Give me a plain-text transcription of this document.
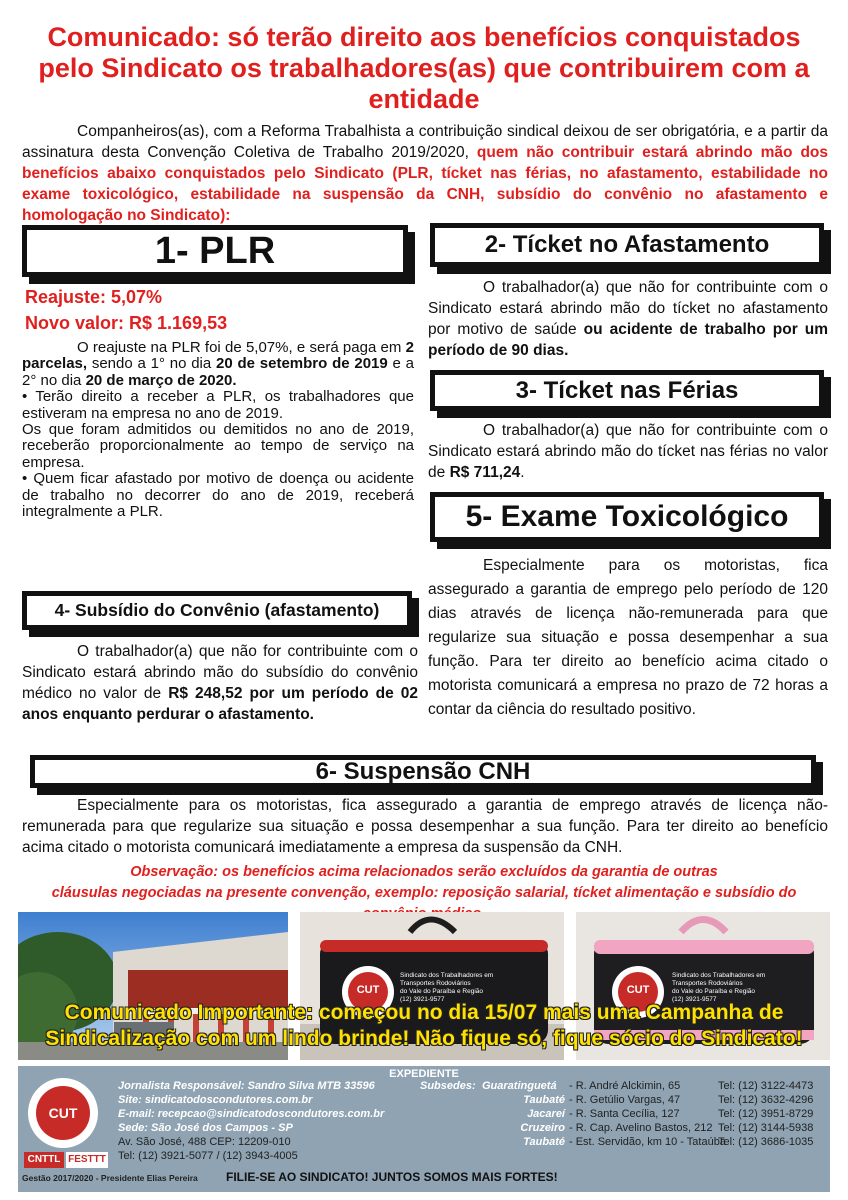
Comunicado: só terão direito aos benefícios conquistados pelo Sindicato os trabalhadores(as) que contribuirem com a entidade
Companheiros(as), com a Reforma Trabalhista a contribuição sindical deixou de ser obrigatória, e a partir da assinatura desta Convenção Coletiva de Trabalho 2019/2020, quem não contribuir estará abrindo mão dos benefícios abaixo conquistados pelo Sindicato (PLR, tícket nas férias, no afastamento, estabilidade no exame toxicológico, estabilidade na suspensão da CNH, subsídio do convênio no afastamento e homologação no Sindicato):
1- PLR
Reajuste: 5,07%
Novo valor: R$ 1.169,53

O reajuste na PLR foi de 5,07%, e será paga em 2 parcelas, sendo a 1° no dia 20 de setembro de 2019 e a 2° no dia 20 de março de 2020.

• Terão direito a receber a PLR, os trabalhadores que estiveram na empresa no ano de 2019.

Os que foram admitidos ou demitidos no ano de 2019, receberão proporcionalmente ao tempo de serviço na empresa.

• Quem ficar afastado por motivo de doença ou acidente de trabalho no decorrer do ano de 2019, receberá integralmente a PLR.

4- Subsídio do Convênio (afastamento)
O trabalhador(a) que não for contribuinte com o Sindicato estará abrindo mão do subsídio do convênio médico no valor de R$ 248,52 por um período de 02 anos enquanto perdurar o afastamento.
2- Tícket no Afastamento
O trabalhador(a) que não for contribuinte com o Sindicato estará abrindo mão do tícket no afastamento por motivo de saúde ou acidente de trabalho por um período de 90 dias.
3- Tícket nas Férias
O trabalhador(a) que não for contribuinte com o Sindicato estará abrindo mão do tícket nas férias no valor de R$ 711,24.
5- Exame Toxicológico
Especialmente para os motoristas, fica assegurado a garantia de emprego pelo período de 120 dias através de licença não-remunerada para que regularize sua situação e possa desempenhar a sua função. Para ter direito ao benefício acima citado o motorista comunicará a empresa no prazo de 72 horas a contar da ciência do resultado positivo.
6- Suspensão CNH
Especialmente para os motoristas, fica assegurado a garantia de emprego através de licença não-remunerada para que regularize sua situação e possa desempenhar a sua função. Para ter direito ao benefício acima citado o motorista comunicará imediatamente a empresa da suspensão da CNH.
Observação: os benefícios acima relacionados serão excluídos da garantia de outras
cláusulas negociadas na presente convenção, exemplo: reposição salarial, tícket alimentação e subsídio do
CUT
Sindicato dos Trabalhadores em
Transportes Rodoviários
do Vale do Paraíba e Região
(12) 3921-9577
CUT
Sindicato dos Trabalhadores em
Transportes Rodoviários
do Vale do Paraíba e Região
(12) 3921-9577
Comunicado Importante: começou no dia 15/07 mais uma Campanha de
Sindicalização com um lindo brinde! Não fique só, fique sócio do Sindicato!
EXPEDIENTE
CUT
CNTTL FESTTT
Gestão 2017/2020 - Presidente Elias Pereira
Jornalista Responsável: Sandro Silva MTB 33596
Site: sindicatodoscondutores.com.br
E-mail: recepcao@sindicatodoscondutores.com.br
Sede: São José dos Campos - SP
Av. São José, 488 CEP: 12209-010
Tel: (12) 3921-5077 / (12) 3943-4005
Subsedes: Guaratinguetá - R. André Alckimin, 65	Tel: (12) 3122-4473
Taubaté - R. Getúlio Vargas, 47	Tel: (12) 3632-4296
Jacareí - R. Santa Cecília, 127	Tel: (12) 3951-8729
Cruzeiro - R. Cap. Avelino Bastos, 212 Tel: (12) 3144-5938
Taubaté - Est. Servidão, km 10 - Tataúba
Tel: (12) 3686-1035
FILIE-SE AO SINDICATO! JUNTOS SOMOS MAIS FORTES!
